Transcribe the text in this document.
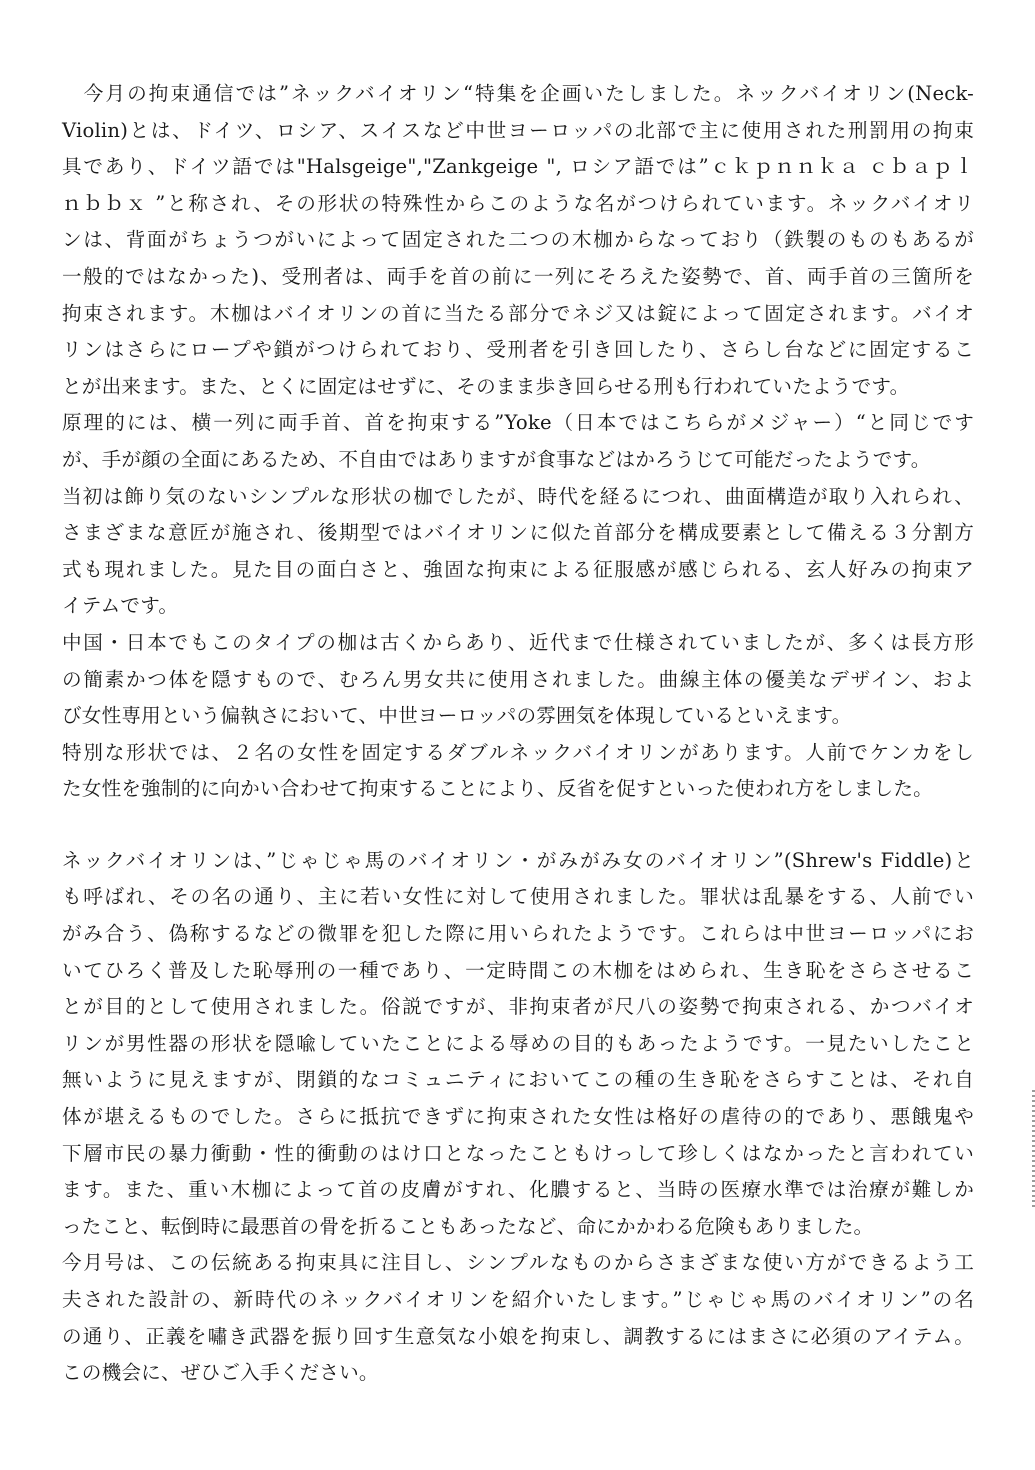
　今月の拘束通信では”ネックバイオリン“特集を企画いたしました。ネックバイオリン(Neck-
Violin)とは、ドイツ、ロシア、スイスなど中世ヨーロッパの北部で主に使用された刑罰用の拘束
具であり、ドイツ語では"Halsgeige","Zankgeige ", ロシア語では”ｃｋｐｎｎｋａ ｃｂａｐｌ
ｎｂｂｘ ”と称され、その形状の特殊性からこのような名がつけられています。ネックバイオリ
ンは、背面がちょうつがいによって固定された二つの木枷からなっており（鉄製のものもあるが
一般的ではなかった)、受刑者は、両手を首の前に一列にそろえた姿勢で、首、両手首の三箇所を
拘束されます。木枷はバイオリンの首に当たる部分でネジ又は錠によって固定されます。バイオ
リンはさらにロープや鎖がつけられており、受刑者を引き回したり、さらし台などに固定するこ
とが出来ます。また、とくに固定はせずに、そのまま歩き回らせる刑も行われていたようです。
原理的には、横一列に両手首、首を拘束する”Yoke（日本ではこちらがメジャー）“と同じです
が、手が顔の全面にあるため、不自由ではありますが食事などはかろうじて可能だったようです。
当初は飾り気のないシンプルな形状の枷でしたが、時代を経るにつれ、曲面構造が取り入れられ、
さまざまな意匠が施され、後期型ではバイオリンに似た首部分を構成要素として備える３分割方
式も現れました。見た目の面白さと、強固な拘束による征服感が感じられる、玄人好みの拘束ア
イテムです。
中国・日本でもこのタイプの枷は古くからあり、近代まで仕様されていましたが、多くは長方形
の簡素かつ体を隠すもので、むろん男女共に使用されました。曲線主体の優美なデザイン、およ
び女性専用という偏執さにおいて、中世ヨーロッパの雰囲気を体現しているといえます。
特別な形状では、２名の女性を固定するダブルネックバイオリンがあります。人前でケンカをし
た女性を強制的に向かい合わせて拘束することにより、反省を促すといった使われ方をしました。
ネックバイオリンは、”じゃじゃ馬のバイオリン・がみがみ女のバイオリン”(Shrew's Fiddle)と
も呼ばれ、その名の通り、主に若い女性に対して使用されました。罪状は乱暴をする、人前でい
がみ合う、偽称するなどの微罪を犯した際に用いられたようです。これらは中世ヨーロッパにお
いてひろく普及した恥辱刑の一種であり、一定時間この木枷をはめられ、生き恥をさらさせるこ
とが目的として使用されました。俗説ですが、非拘束者が尺八の姿勢で拘束される、かつバイオ
リンが男性器の形状を隠喩していたことによる辱めの目的もあったようです。一見たいしたこと
無いように見えますが、閉鎖的なコミュニティにおいてこの種の生き恥をさらすことは、それ自
体が堪えるものでした。さらに抵抗できずに拘束された女性は格好の虐待の的であり、悪餓鬼や
下層市民の暴力衝動・性的衝動のはけ口となったこともけっして珍しくはなかったと言われてい
ます。また、重い木枷によって首の皮膚がすれ、化膿すると、当時の医療水準では治療が難しか
ったこと、転倒時に最悪首の骨を折ることもあったなど、命にかかわる危険もありました。
今月号は、この伝統ある拘束具に注目し、シンプルなものからさまざまな使い方ができるよう工
夫された設計の、新時代のネックバイオリンを紹介いたします。”じゃじゃ馬のバイオリン”の名
の通り、正義を嘯き武器を振り回す生意気な小娘を拘束し、調教するにはまさに必須のアイテム。
この機会に、ぜひご入手ください。
